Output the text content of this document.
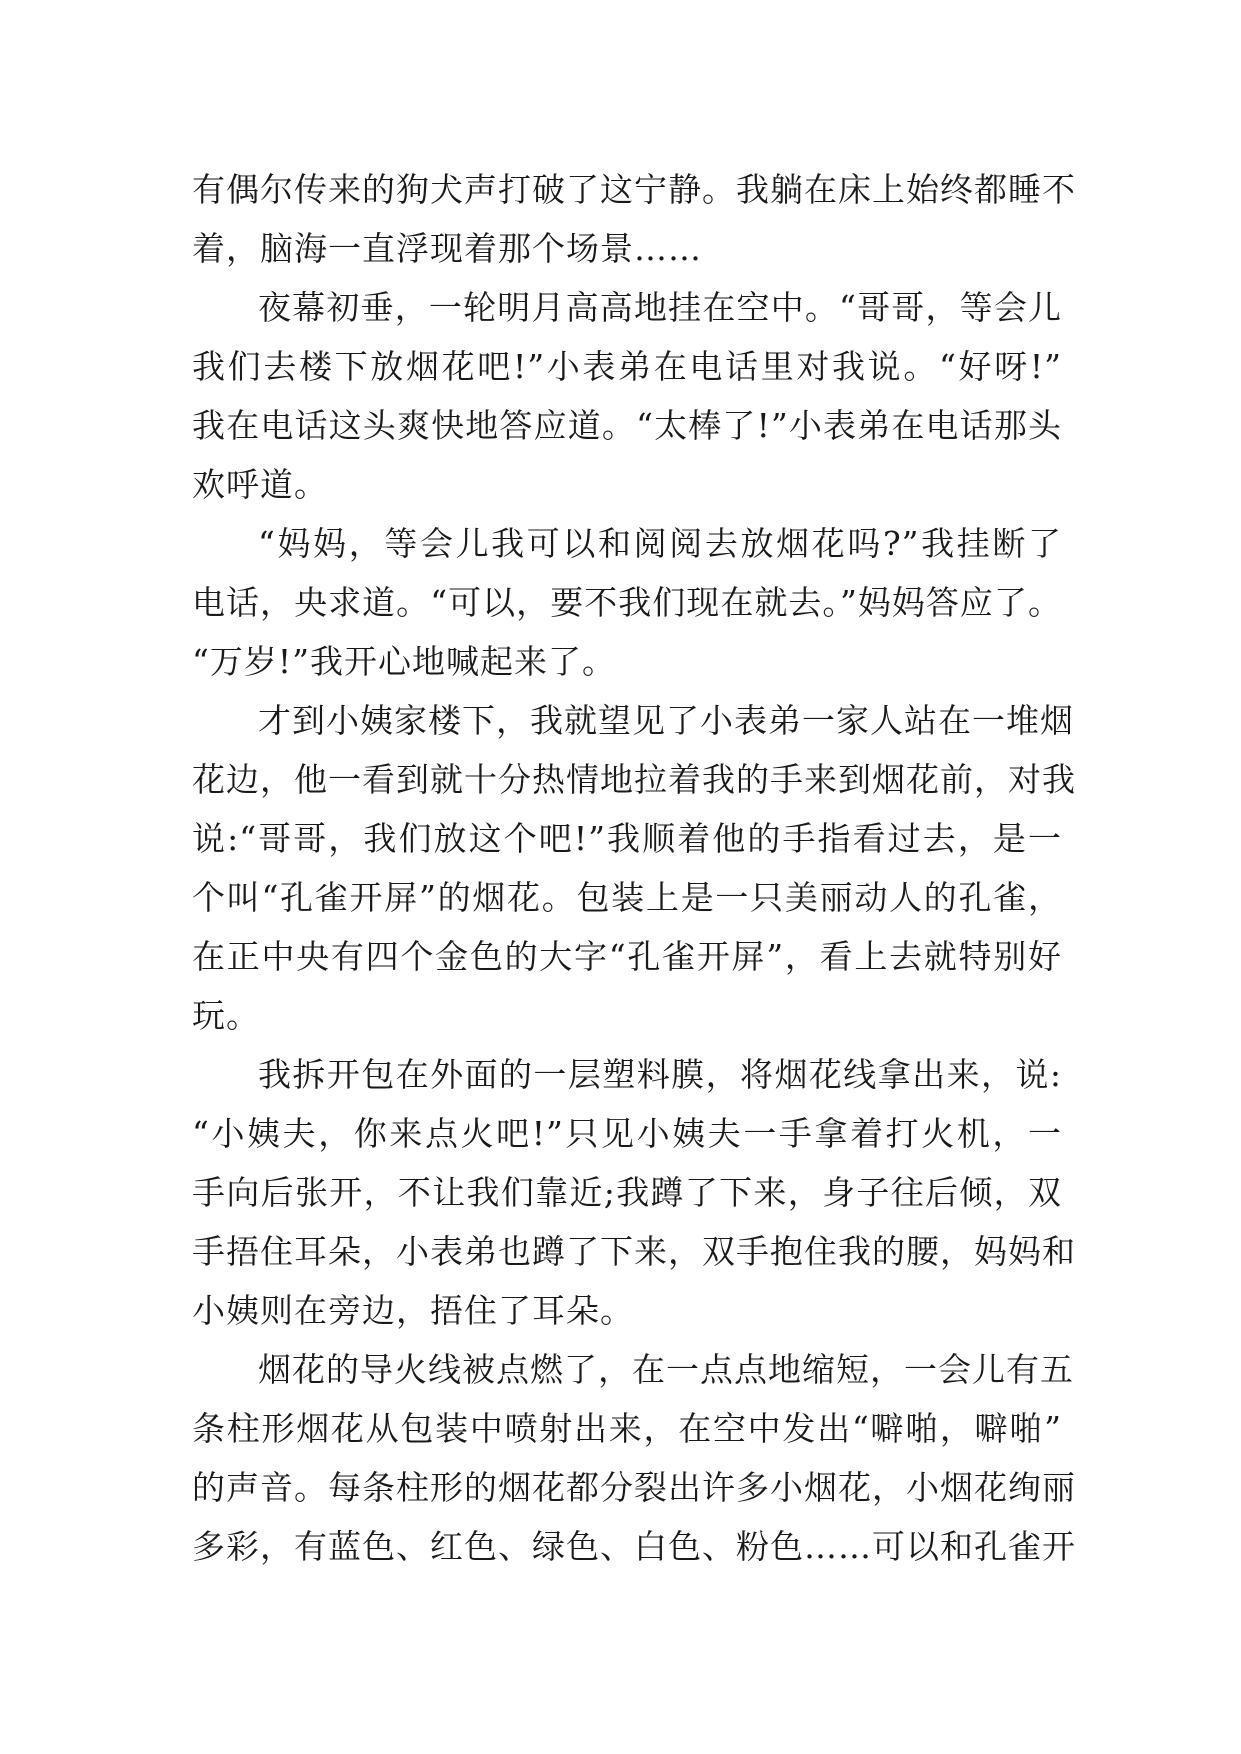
有偶尔传来的狗犬声打破了这宁静。我躺在床上始终都睡不
着，脑海一直浮现着那个场景……
夜幕初垂，一轮明月高高地挂在空中。“哥哥，等会儿
我们去楼下放烟花吧!”小表弟在电话里对我说。“好呀!”
我在电话这头爽快地答应道。“太棒了!”小表弟在电话那头
欢呼道。
“妈妈，等会儿我可以和阅阅去放烟花吗?”我挂断了
电话，央求道。“可以，要不我们现在就去。”妈妈答应了。
“万岁!”我开心地喊起来了。
才到小姨家楼下，我就望见了小表弟一家人站在一堆烟
花边，他一看到就十分热情地拉着我的手来到烟花前，对我
说:“哥哥，我们放这个吧!”我顺着他的手指看过去，是一
个叫“孔雀开屏”的烟花。包装上是一只美丽动人的孔雀，
在正中央有四个金色的大字“孔雀开屏”，看上去就特别好
玩。
我拆开包在外面的一层塑料膜，将烟花线拿出来，说:
“小姨夫，你来点火吧!”只见小姨夫一手拿着打火机，一
手向后张开，不让我们靠近;我蹲了下来，身子往后倾，双
手捂住耳朵，小表弟也蹲了下来，双手抱住我的腰，妈妈和
小姨则在旁边，捂住了耳朵。
烟花的导火线被点燃了，在一点点地缩短，一会儿有五
条柱形烟花从包装中喷射出来，在空中发出“噼啪，噼啪”
的声音。每条柱形的烟花都分裂出许多小烟花，小烟花绚丽
多彩，有蓝色、红色、绿色、白色、粉色……可以和孔雀开
